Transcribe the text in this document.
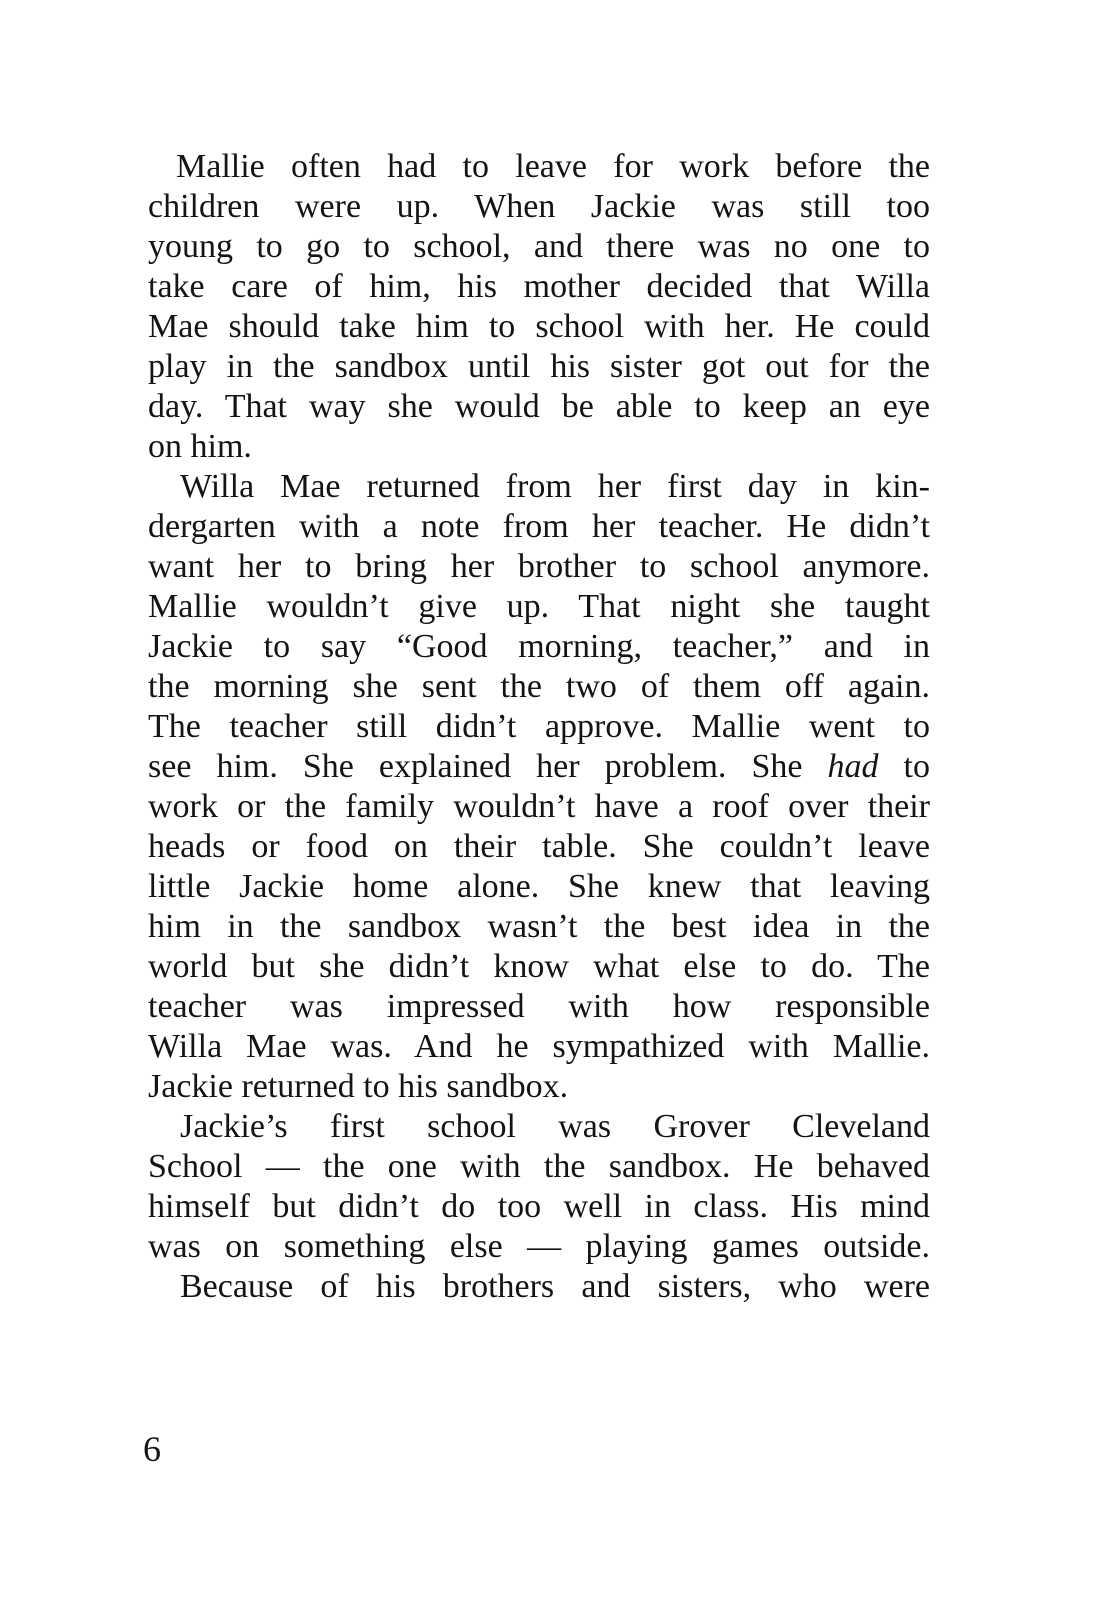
Mallie often had to leave for work before the
children were up. When Jackie was still too
young to go to school, and there was no one to
take care of him, his mother decided that Willa
Mae should take him to school with her. He could
play in the sandbox until his sister got out for the
day. That way she would be able to keep an eye
on him.
Willa Mae returned from her first day in kin-
dergarten with a note from her teacher. He didn’t
want her to bring her brother to school anymore.
Mallie wouldn’t give up. That night she taught
Jackie to say “Good morning, teacher,” and in
the morning she sent the two of them off again.
The teacher still didn’t approve. Mallie went to
see him. She explained her problem. She had to
work or the family wouldn’t have a roof over their
heads or food on their table. She couldn’t leave
little Jackie home alone. She knew that leaving
him in the sandbox wasn’t the best idea in the
world but she didn’t know what else to do. The
teacher was impressed with how responsible
Willa Mae was. And he sympathized with Mallie.
Jackie returned to his sandbox.
Jackie’s first school was Grover Cleveland
School — the one with the sandbox. He behaved
himself but didn’t do too well in class. His mind
was on something else — playing games outside.
Because of his brothers and sisters, who were
6
